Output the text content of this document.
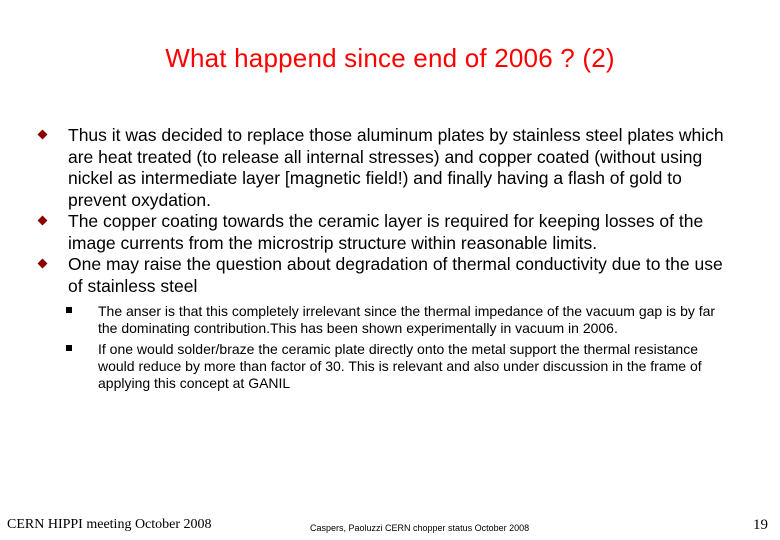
What happend since end of 2006 ? (2)
Thus it was decided to replace those aluminum plates by stainless steel plates which are heat treated (to release all internal stresses) and copper coated (without using nickel as intermediate layer [magnetic field!) and finally having a flash of gold to prevent oxydation.
The copper coating towards the ceramic layer is required for keeping losses of the image currents from the microstrip structure within reasonable limits.
One may raise the question about degradation of thermal conductivity due to the use of stainless steel
The anser is that this completely irrelevant since the thermal impedance of the vacuum gap is by far the dominating contribution.This has been shown experimentally in vacuum in 2006.
If one would solder/braze the ceramic plate directly onto the metal support the thermal resistance would reduce by more than factor of 30. This is relevant and also under discussion in the frame of applying this concept at GANIL
CERN HIPPI meeting October 2008	Caspers, Paoluzzi CERN chopper status October 2008	19
